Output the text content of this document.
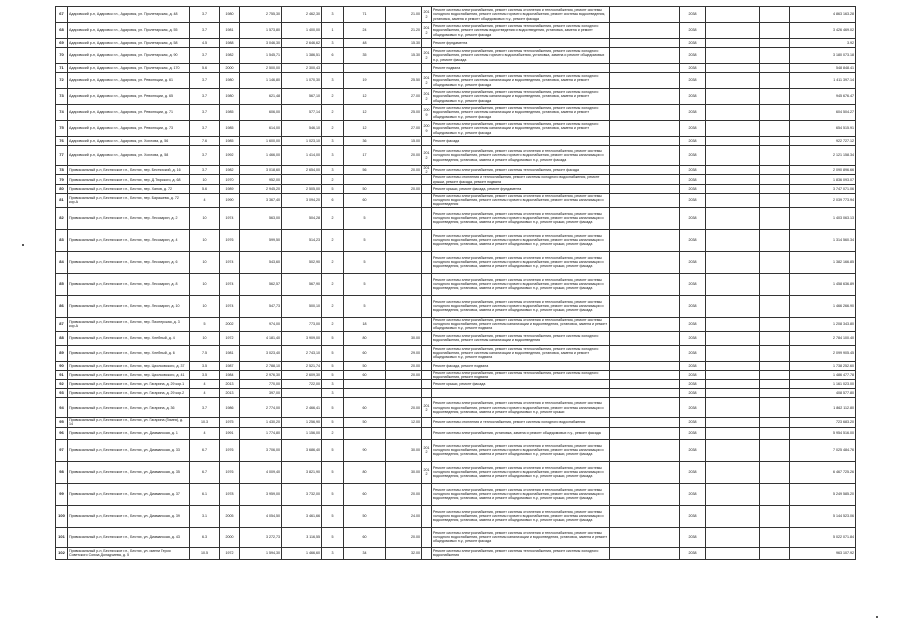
67	Адаровский р-н, Адаровск г.п., Адаровск, ул. Пролетарская, д. 48	3.7	1980	2 755,30	2 462,30	3	71	21.00	2012	Ремонт системы электроснабжения, ремонт системы отопления и теплоснабжения, ремонт системы холодного водоснабжения, ремонт системы горячего водоснабжения, ремонт системы водоотведения, установка, замена и ремонт общедомовых п.у., ремонт фасада		2038			4 863 163.28
68	Адаровский р-н, Адаровск г.п., Адаровск, ул. Пролетарская, д. 55	3.7	1981	1 573,80	1 400,00	1	24	21.20	2012	Ремонт системы электроснабжения, ремонт системы теплоснабжения, ремонт системы холодного водоснабжения, ремонт системы водоотведения и водоотведения, установка, замена и ремонт общедомовых п.у., ремонт фасада		2038			3 426 469.02
69	Адаровский р-н, Адаровск г.п., Адаровск, ул. Пролетарская, д. 58	4.5	1988	3 046,30	2 646,62	3	48	15.30		Ремонт фундамента		2038			3.92
70	Адаровский р-н, Адаровск г.п., Адаровск, ул. Пролетарская, д. 90	3.7	1982	1 545,71	1 386,51	6	35	15.30	2012	Ремонт системы электроснабжения, ремонт системы теплоснабжения, ремонт системы холодного водоснабжения, ремонт системы горячего водоснабжения, установка, замена и ремонт общедомовых п.у., ремонт фасада		2038			3 180 073.18
71	Адаровский р-н, Адаровск г.п., Адаровск, ул. Пролетарская, д. 170	5.6	2000	2 500,00	2 300,43					Ремонт подвалa		2038			548 848.41
72	Адаровский р-н, Адаровск г.п., Адаровск, ул. Революции, д. 61	3.7	1980	1 146,80	1 070,30	3	19	25.50	2012	Ремонт системы электроснабжения, ремонт системы теплоснабжения, ремонт системы холодного водоснабжения, ремонт системы канализации и водоотведения, установка, замена и ремонт общедомовых п.у., ремонт фасада		2038			1 411 397.14
73	Адаровский р-н, Адаровск г.п., Адаровск, ул. Революции, д. 65	3.7	1980	621,48	567,10	2	12	27.00	2012	Ремонт системы электроснабжения, ремонт системы теплоснабжения, ремонт системы холодного водоснабжения, ремонт системы канализации и водоотведения, установка, замена и ремонт общедомовых п.у., ремонт фасада		2038			945 676.47
74	Адаровский р-н, Адаровск г.п., Адаровск, ул. Революции, д. 71	3.7	1985	606,00	577,14	2	12	25.00	2009	Ремонт системы электроснабжения, ремонт системы теплоснабжения, ремонт системы холодного водоснабжения, ремонт системы канализации и водоотведения, установка, замена и ремонт общедомовых п.у., ремонт фасада		2038			604 504.27
75	Адаровский р-н, Адаровск г.п., Адаровск, ул. Революции, д. 73	3.7	1985	614,00	546,10	2	12	27.00	2009	Ремонт системы электроснабжения, ремонт системы теплоснабжения, ремонт системы холодного водоснабжения, ремонт системы канализации и водоотведения, установка, замена и ремонт общедомовых п.у., ремонт фасада		2038			654 515.91
76	Адаровский р-н, Адаровск г.п., Адаровск, ул. Хохлова, д. 56	7.6	1985	1 600,00	1 023,10	3	36	15.00		Ремонт фасада		2038			922 727.12
77	Адаровский р-н, Адаровск г.п., Адаровск, ул. Хохлова, д. 58	3.7	1992	1 466,00	1 414,00	3	17	20.00	2012	Ремонт системы электроснабжения, ремонт системы отопления и теплоснабжения, ремонт системы холодного водоснабжения, ремонт системы горячего водоснабжения, ремонт системы канализации и водоотведения, установка, замена и ремонт общедомовых п.у., ремонт фасада		2038			2 121 158.34
78	Привокзальный р-н, Бестяхское г.п., Бестях, пер. Бестяхский, д. 16	3.7	1982	3 018,60	2 654,00	3	56	20.00	2012	Ремонт системы электроснабжения, ремонт системы теплоснабжения, ремонт фасада		2038			2 090 896.66
79	Привокзальный р-н, Бестяхское г.п., Бестях, пер. Д.Тюрского, д. 68	10	1970	952,00		2				Ремонт системы отопления и теплоснабжения, ремонт системы холодного водоснабжения, ремонт крыши, ремонт фасада, ремонт подвала		2038			1 836 093.07
80	Привокзальный р-н, Бестяхское г.п., Бестях, пер. Ханов, д. 72	5.6	1989	2 945,20	2 505,00	5	50	20.00		Ремонт крыши, ремонт фасада, ремонт фундамента		2038			3 747 071.06
81	Привокзальный р-н, Бестяхское г.п., Бестях, пер. Барашева, д. 72 кор.А	4	1990	3 367,40	3 094,20	6	60			Ремонт системы электроснабжения, ремонт системы отопления и теплоснабжения, ремонт системы холодного водоснабжения, ремонт системы горячего водоснабжения, ремонт системы канализации и водоотведения		2038			2 039 773.94
82	Привокзальный р-н, Бестяхское г.п., Бестях, пер. Лесозарин, д. 2	10	1974	563,00	504,28	2	5			Ремонт системы электроснабжения, ремонт системы отопления и теплоснабжения, ремонт системы холодного водоснабжения, ремонт системы горячего водоснабжения, ремонт системы канализации и водоотведения, установка, замена и ремонт общедомовых п.у., ремонт крыши, ремонт фасада		2038			1 403 063.13
83	Привокзальный р-н, Бестяхское г.п., Бестях, пер. Лесозарин, д. 4	10	1976	599,50	514,23	2	5			Ремонт системы электроснабжения, ремонт системы отопления и теплоснабжения, ремонт системы холодного водоснабжения, ремонт системы горячего водоснабжения, ремонт системы канализации и водоотведения, установка, замена и ремонт общедомовых п.у., ремонт крыши, ремонт фасада		2038			1 314 560.34
84	Привокзальный р-н, Бестяхское г.п., Бестях, пер. Лесозарин, д. 6	10	1974	543,60	502,90	2	5			Ремонт системы электроснабжения, ремонт системы отопления и теплоснабжения, ремонт системы холодного водоснабжения, ремонт системы горячего водоснабжения, ремонт системы канализации и водоотведения, установка, замена и ремонт общедомовых п.у., ремонт крыши, ремонт фасада		2038			1 382 166.85
85	Привокзальный р-н, Бестяхское г.п., Бестях, пер. Лесозарин, д. 8	10	1974	562,57	567,90	2	5			Ремонт системы электроснабжения, ремонт системы отопления и теплоснабжения, ремонт системы холодного водоснабжения, ремонт системы горячего водоснабжения, ремонт системы канализации и водоотведения, установка, замена и ремонт общедомовых п.у., ремонт крыши, ремонт фасада		2038			1 458 636.89
86	Привокзальный р-н, Бестяхское г.п., Бестях, пер. Лесозарин, д. 10	10	1974	547,73	500,10	2	5			Ремонт системы электроснабжения, ремонт системы отопления и теплоснабжения, ремонт системы холодного водоснабжения, ремонт системы горячего водоснабжения, ремонт системы канализации и водоотведения, установка, замена и ремонт общедомовых п.у., ремонт крыши, ремонт фасада		2038			1 466 266.90
87	Привокзальный р-н, Бестяхское г.п., Бестях, пер. Пионерская, д. 3 кор.А	5	2002	974,00	773,00	2	18			Ремонт системы электроснабжения, ремонт системы отопления и теплоснабжения, ремонт системы холодного водоснабжения, ремонт системы канализации и водоотведения, установка, замена и ремонт общедомовых п.у., ремонт подвала		2038			1 208 343.80
88	Привокзальный р-н, Бестяхское г.п., Бестях, пер. Хлебный, д. 4	10	1972	4 181,40	3 909,00	5	80	30.00		Ремонт системы электроснабжения, ремонт системы теплоснабжения, ремонт системы холодного водоснабжения, ремонт системы канализации и водоотведения		2038			2 784 100.40
89	Привокзальный р-н, Бестяхское г.п., Бестях, пер. Хлебный, д. 6	7.5	1981	3 023,40	2 743,10	5	60	29.00		Ремонт системы электроснабжения, ремонт системы теплоснабжения, ремонт системы холодного водоснабжения, ремонт системы канализации и водоотведения, установка, замена и ремонт общедомовых п.у., ремонт подвала		2038			2 099 905.45
90	Привокзальный р-н, Бестяхское г.п., Бестях, пер. Циолковского, д. 37	3.5	1987	2 788,10	2 521,74	5	50	20.00		Ремонт фасада, ремонт подвала		2038			1 738 252.60
91	Привокзальный р-н, Бестяхское г.п., Бестях, пер. Циолковского, д. 41	3.5	1984	2 976,30	2 609,30	5	60	20.00		Ремонт системы электроснабжения, ремонт системы теплоснабжения, ремонт системы холодного водоснабжения, ремонт подвала		2038			1 486 477.78
92	Привокзальный р-н, Бестяхское г.п., Бестях, ул. Гагарина, д. 29 кор.1	4	2013	770,00	722,00	3				Ремонт крыши, ремонт фасада		2038			1 161 023.00
93	Привокзальный р-н, Бестяхское г.п., Бестях, ул. Гагарина, д. 29 кор.2	4	2013	397,00		3						2038			408 577.80
94	Привокзальный р-н, Бестяхское г.п., Бестях, ул. Гагарина, д. 36	3.7	1986	2 774,00	2 466,41	5	60	20.00	2012	Ремонт системы электроснабжения, ремонт системы отопления и теплоснабжения, ремонт системы холодного водоснабжения, ремонт системы горячего водоснабжения, ремонт системы канализации и водоотведения, установка, замена и ремонт общедомовых п.у., ремонт крыши		2038			1 862 112.80
95	Привокзальный р-н, Бестяхское г.п., Бестях, ул. Гагарина (Гимея), д. 14	10.3	1975	1 430,20	1 256,90	5	50	12.00		Ремонт системы отопления и теплоснабжения, ремонт системы холодного водоснабжения		2038			723 683.20
96	Привокзальный р-н, Бестяхское г.п., Бестях, ул. Диаманская, д. 1	4	1991	1 774,80	1 156,00	2				Ремонт системы электроснабжения, установка, замена и ремонт общедомовых п.у., ремонт фасада		2038			5 954 516.00
97	Привокзальный р-н, Бестяхское г.п., Бестях, ул. Диаманская, д. 33	6.7	1976	3 706,00	3 686,40	5	90	30.00	2012	Ремонт системы электроснабжения, ремонт системы отопления и теплоснабжения, ремонт системы холодного водоснабжения, ремонт системы горячего водоснабжения, ремонт системы канализации и водоотведения, установка, замена и ремонт общедомовых п.у., ремонт крыши, ремонт фасада		2038			7 025 484.76
98	Привокзальный р-н, Бестяхское г.п., Бестях, ул. Диаманская, д. 35	6.7	1976	4 009,40	3 821,90	5	80	30.00	2012	Ремонт системы электроснабжения, ремонт системы отопления и теплоснабжения, ремонт системы холодного водоснабжения, ремонт системы горячего водоснабжения, ремонт системы канализации и водоотведения, установка, замена и ремонт общедомовых п.у., ремонт крыши, ремонт фасада		2038			6 467 725.26
99	Привокзальный р-н, Бестяхское г.п., Бестях, ул. Диаманская, д. 37	6.1	1978	3 959,00	3 732,00	5	60	20.00		Ремонт системы электроснабжения, ремонт системы отопления и теплоснабжения, ремонт системы холодного водоснабжения, ремонт системы горячего водоснабжения, ремонт системы канализации и водоотведения, установка, замена и ремонт общедомовых п.у., ремонт крыши, ремонт фасада		2038			5 249 585.20
100	Привокзальный р-н, Бестяхское г.п., Бестях, ул. Диаманская, д. 39	3.1	2005	4 054,50	3 461,66	5	50	24.00		Ремонт системы электроснабжения, ремонт системы отопления и теплоснабжения, ремонт системы холодного водоснабжения, ремонт системы горячего водоснабжения, ремонт системы канализации и водоотведения, установка, замена и ремонт общедомовых п.у., ремонт крыши, ремонт фасада		2038			5 144 523.06
101	Привокзальный р-н, Бестяхское г.п., Бестях, ул. Диаманская, д. 43	6.3	2000	3 272,73	3 116,55	5	60	20.00		Ремонт системы электроснабжения, ремонт системы отопления и теплоснабжения, ремонт системы холодного водоснабжения, ремонт системы канализации и водоотведения, установка, замена и ремонт общедомовых п.у., ремонт фасада		2038			5 022 071.84
102	Привокзальный р-н, Бестяхское г.п., Бестях, ул. имени Героя Советского Союза Доладчиева, д. 5	10.5	1972	1 594,30	1 466,60	3	34	32.00		Ремонт системы электроснабжения, ремонт системы теплоснабжения, ремонт системы холодного водоснабжения		2038			963 107.92
